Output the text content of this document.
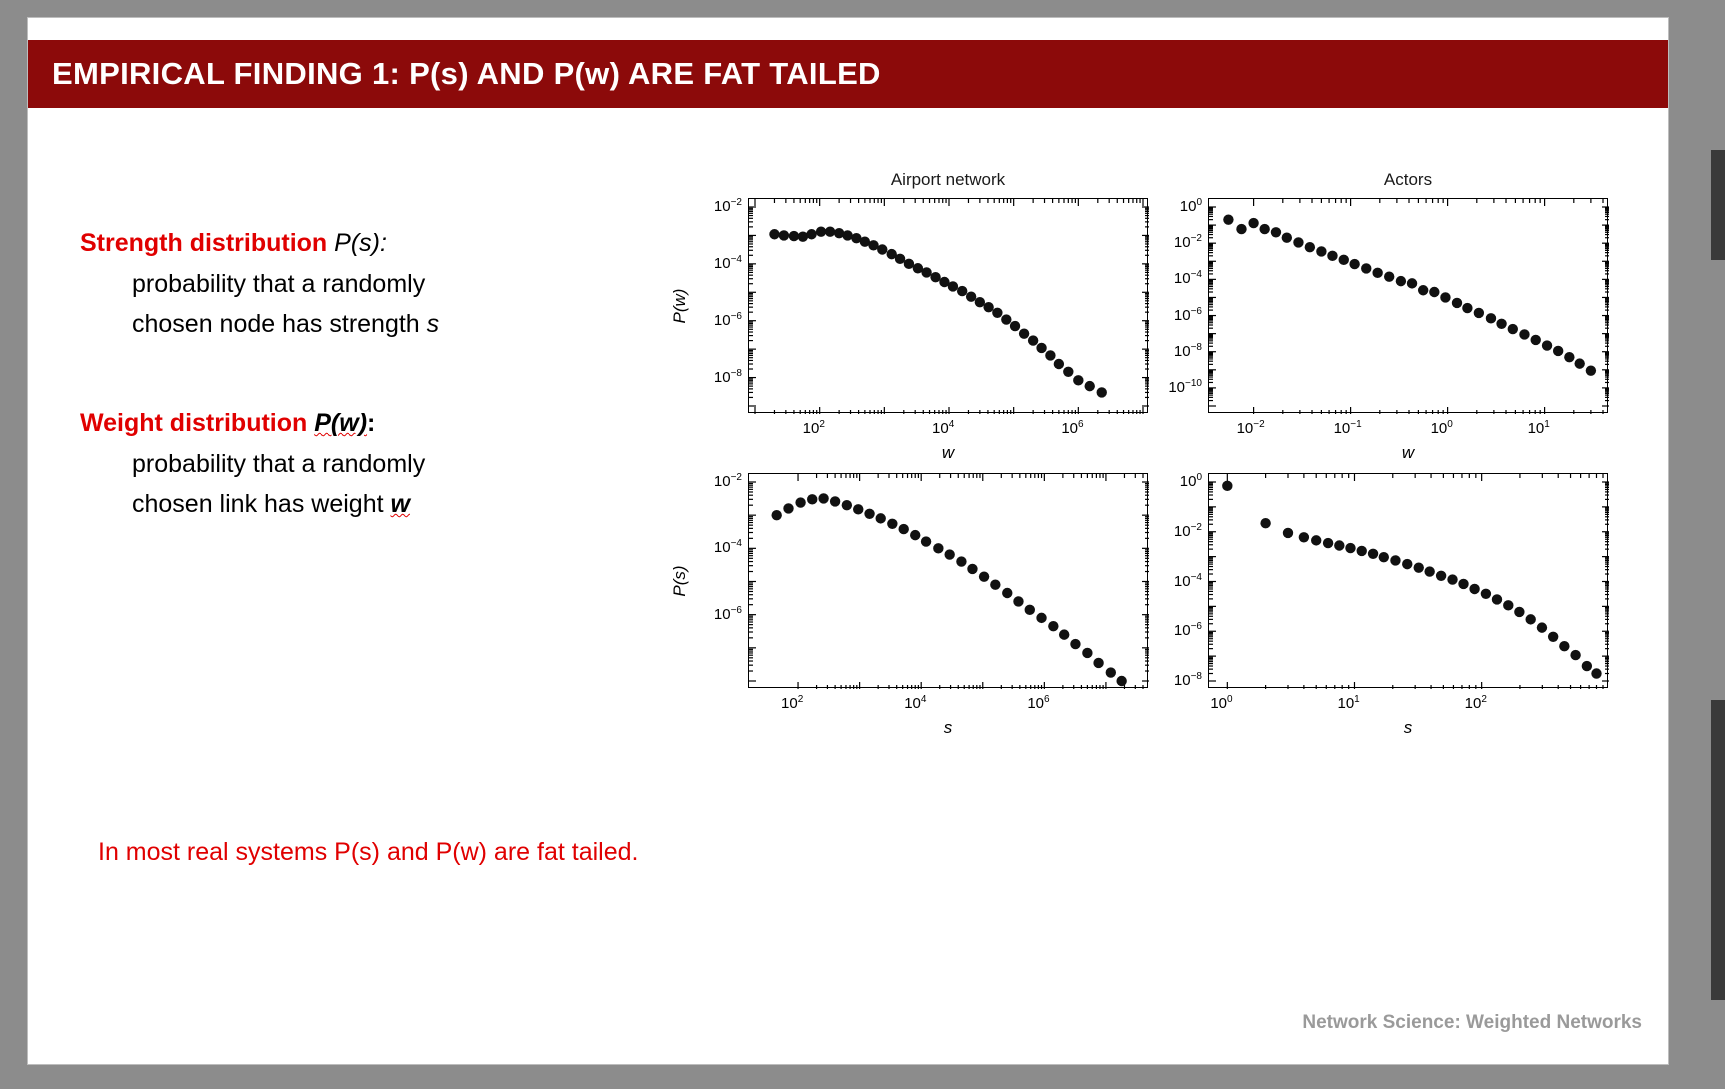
EMPIRICAL FINDING 1: P(s) AND P(w) ARE FAT TAILED
Strength distribution P(s):
probability that a randomly
chosen node has strength s
Weight distribution P(w):
probability that a randomly
chosen link has weight w
In most real systems P(s) and P(w) are fat tailed.
Network Science: Weighted Networks
Airport network
$10^2$	$10^4$	$10^6$
$10^{-2}$
$10^{-4}$
$10^{-6}$
$10^{-8}$
w
P(w)
Actors
$10^{-2}$	$10^{-1}$	$10^0$	$10^1$
$10^0$
$10^{-2}$
$10^{-4}$
$10^{-6}$
$10^{-8}$
$10^{-10}$
w
$10^2$	$10^4$	$10^6$
$10^{-2}$
$10^{-4}$
$10^{-6}$
s
P(s)
$10^0$	$10^1$	$10^2$
$10^0$
$10^{-2}$
$10^{-4}$
$10^{-6}$
$10^{-8}$
s
